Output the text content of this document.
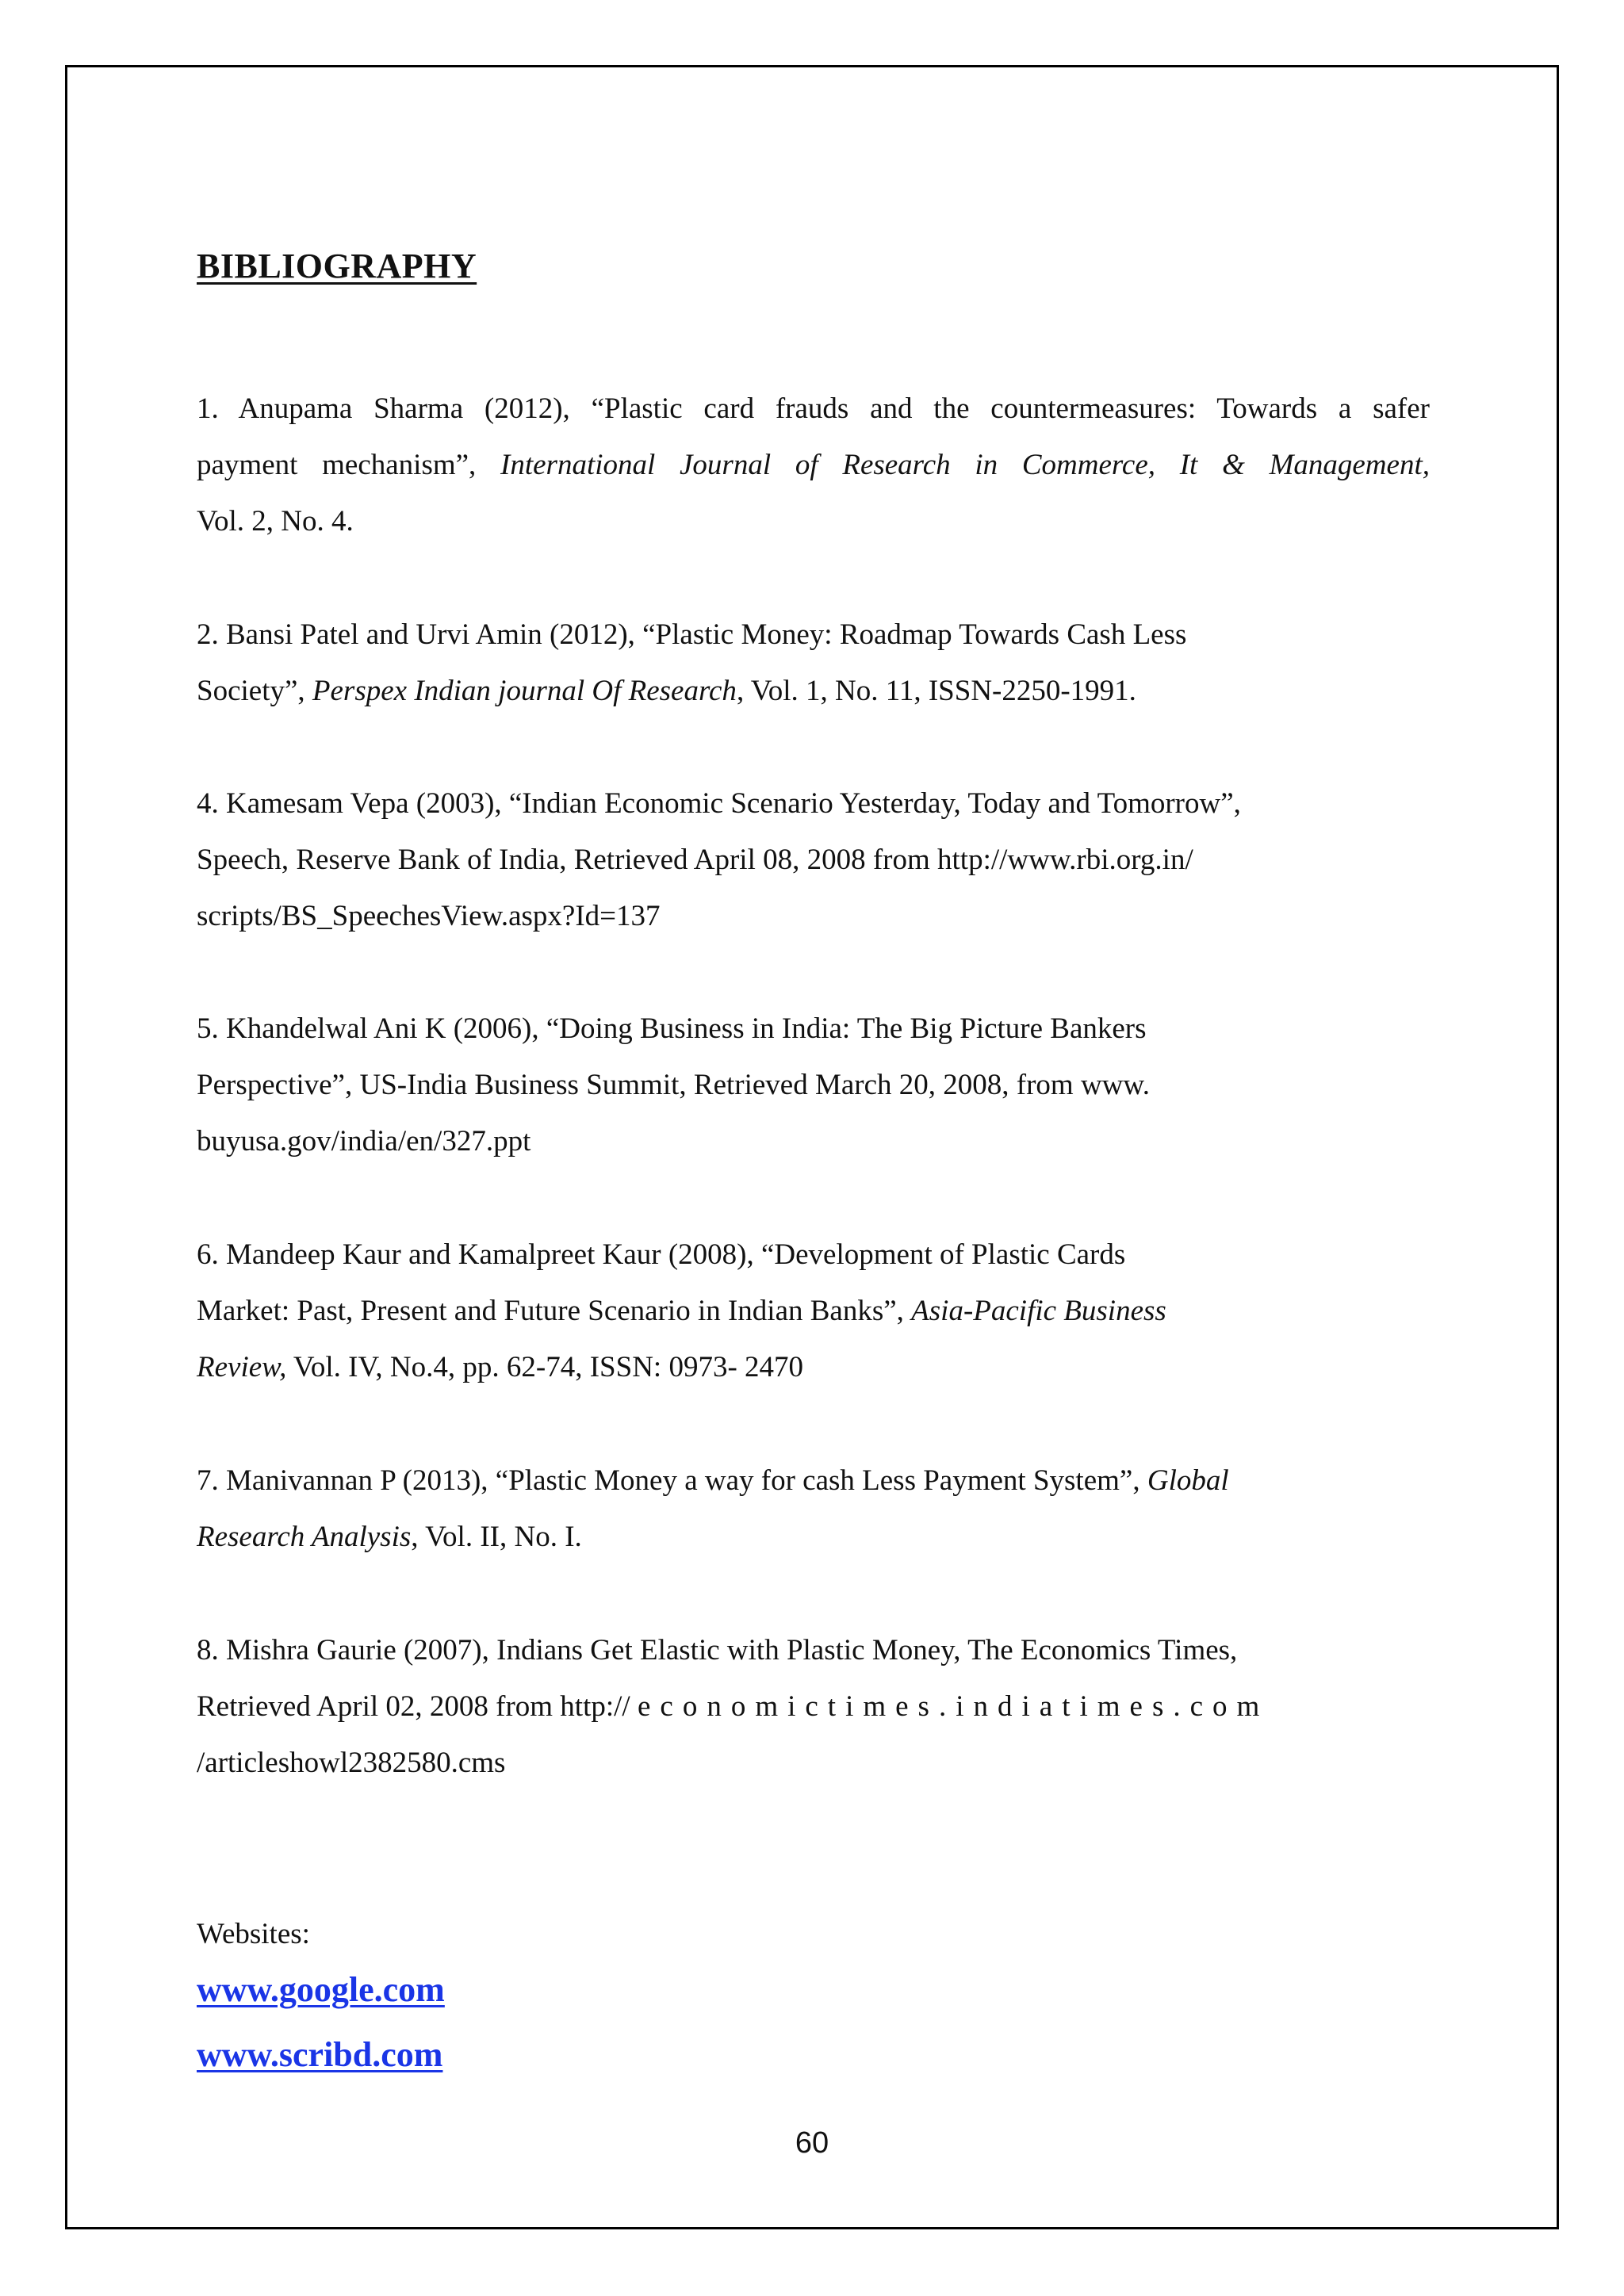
BIBLIOGRAPHY
1. Anupama Sharma (2012), “Plastic card frauds and the countermeasures: Towards a safer
payment mechanism”, International Journal of Research in Commerce, It & Management,
Vol. 2, No. 4.
2. Bansi Patel and Urvi Amin (2012), “Plastic Money: Roadmap Towards Cash Less
Society”, Perspex Indian journal Of Research, Vol. 1, No. 11, ISSN-2250-1991.
4. Kamesam Vepa (2003), “Indian Economic Scenario Yesterday, Today and Tomorrow”,
Speech, Reserve Bank of India, Retrieved April 08, 2008 from http://www.rbi.org.in/
scripts/BS_SpeechesView.aspx?Id=137
5. Khandelwal Ani K (2006), “Doing Business in India: The Big Picture Bankers
Perspective”, US-India Business Summit, Retrieved March 20, 2008, from www.
buyusa.gov/india/en/327.ppt
6. Mandeep Kaur and Kamalpreet Kaur (2008), “Development of Plastic Cards
Market: Past, Present and Future Scenario in Indian Banks”, Asia-Pacific Business
Review, Vol. IV, No.4, pp. 62-74, ISSN: 0973- 2470
7. Manivannan P (2013), “Plastic Money a way for cash Less Payment System”, Global
Research Analysis, Vol. II, No. I.
8. Mishra Gaurie (2007), Indians Get Elastic with Plastic Money, The Economics Times,
Retrieved April 02, 2008 from http:// economictimes.indiatimes.com
/articleshowl2382580.cms
Websites:
www.google.com
www.scribd.com
60
